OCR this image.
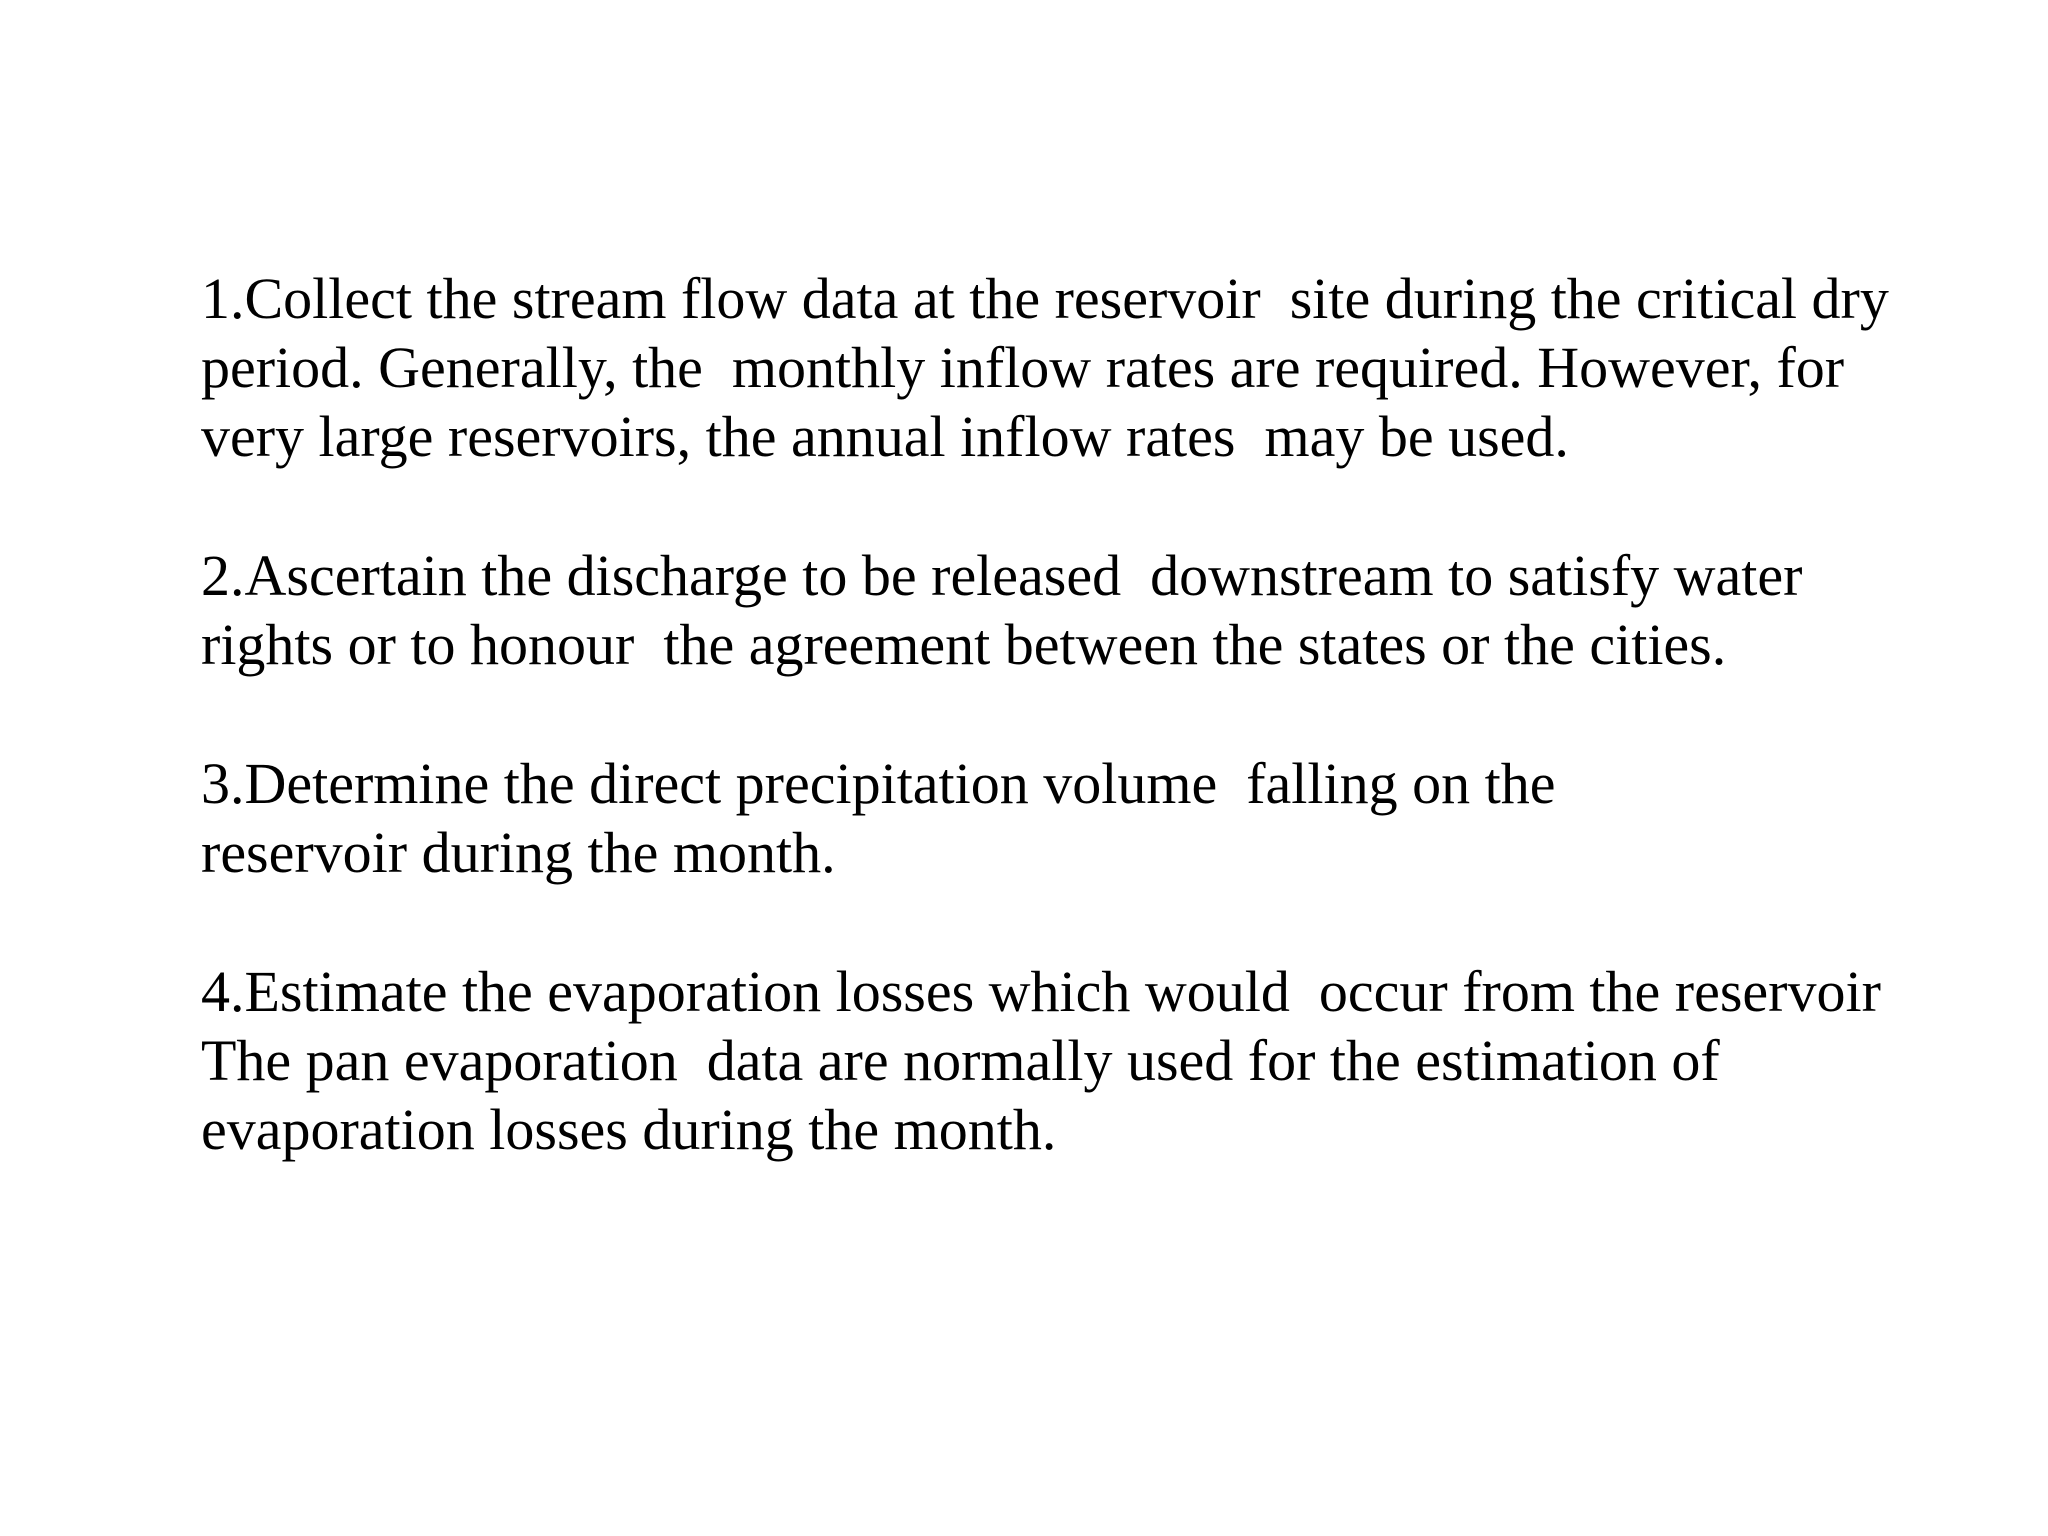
1.Collect the stream flow data at the reservoir  site during the critical dry
period. Generally, the  monthly inflow rates are required. However, for
very large reservoirs, the annual inflow rates  may be used.
2.Ascertain the discharge to be released  downstream to satisfy water
rights or to honour  the agreement between the states or the cities.
3.Determine the direct precipitation volume  falling on the
reservoir during the month.
4.Estimate the evaporation losses which would  occur from the reservoir
The pan evaporation  data are normally used for the estimation of
evaporation losses during the month.
